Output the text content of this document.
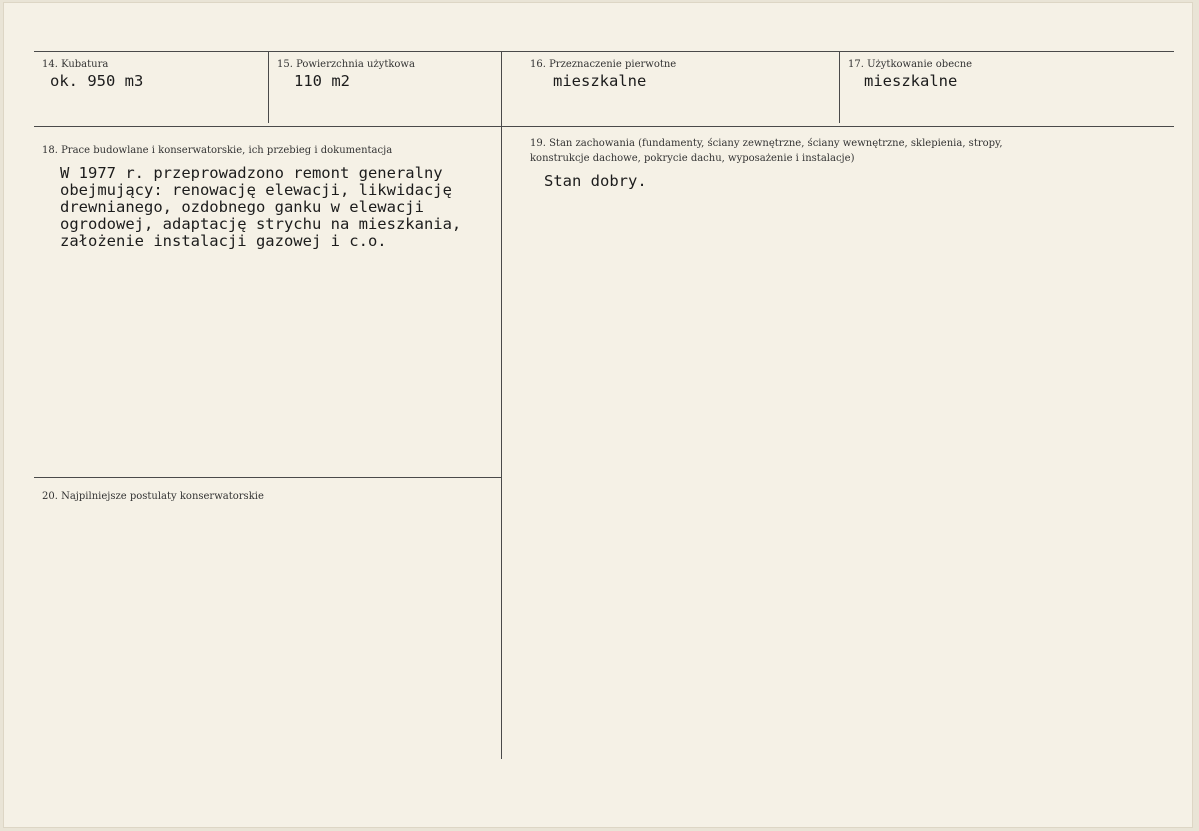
14. Kubatura
ok. 950 m3
15. Powierzchnia użytkowa
110 m2
16. Przeznaczenie pierwotne
mieszkalne
17. Użytkowanie obecne
mieszkalne
18. Prace budowlane i konserwatorskie, ich przebieg i dokumentacja
W 1977 r. przeprowadzono remont generalny
obejmujący: renowację elewacji, likwidację
drewnianego, ozdobnego ganku w elewacji
ogrodowej, adaptację strychu na mieszkania,
założenie instalacji gazowej i c.o.
19. Stan zachowania (fundamenty, ściany zewnętrzne, ściany wewnętrzne, sklepienia, stropy,
konstrukcje dachowe, pokrycie dachu, wyposażenie i instalacje)
Stan dobry.
20. Najpilniejsze postulaty konserwatorskie
